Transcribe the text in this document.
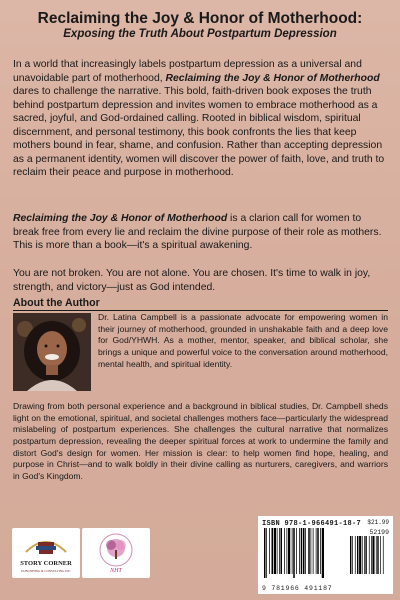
Reclaiming the Joy & Honor of Motherhood:
Exposing the Truth About Postpartum Depression

In a world that increasingly labels postpartum depression as a universal and unavoidable part of motherhood, Reclaiming the Joy & Honor of Motherhood dares to challenge the narrative. This bold, faith-driven book exposes the truth behind postpartum depression and invites women to embrace motherhood as a sacred, joyful, and God-ordained calling. Rooted in biblical wisdom, spiritual discernment, and personal testimony, this book confronts the lies that keep mothers bound in fear, shame, and confusion. Rather than accepting depression as a permanent identity, women will discover the power of faith, love, and truth to reclaim their peace and purpose in motherhood.

Reclaiming the Joy & Honor of Motherhood is a clarion call for women to break free from every lie and reclaim the divine purpose of their role as mothers. This is more than a book—it's a spiritual awakening.

You are not broken. You are not alone. You are chosen. It's time to walk in joy, strength, and victory—just as God intended.

About the Author

Dr. Latina Campbell is a passionate advocate for empowering women in their journey of motherhood, grounded in unshakable faith and a deep love for God/YHWH. As a mother, mentor, speaker, and biblical scholar, she brings a unique and powerful voice to the conversation around motherhood, mental health, and spiritual identity.

Drawing from both personal experience and a background in biblical studies, Dr. Campbell sheds light on the emotional, spiritual, and societal challenges mothers face—particularly the widespread mislabeling of postpartum experiences. She challenges the cultural narrative that normalizes postpartum depression, revealing the deeper spiritual forces at work to undermine the family and distort God's design for women. Her mission is clear: to help women find hope, healing, and purpose in Christ—and to walk boldly in their divine calling as nurturers, caregivers, and warriors in God's Kingdom.

STORY CORNER
PUBLISHING & CONSULTING INC	NHT

ISBN 978-1-966491-18-7 $21.99

52199

9 781966 491187
